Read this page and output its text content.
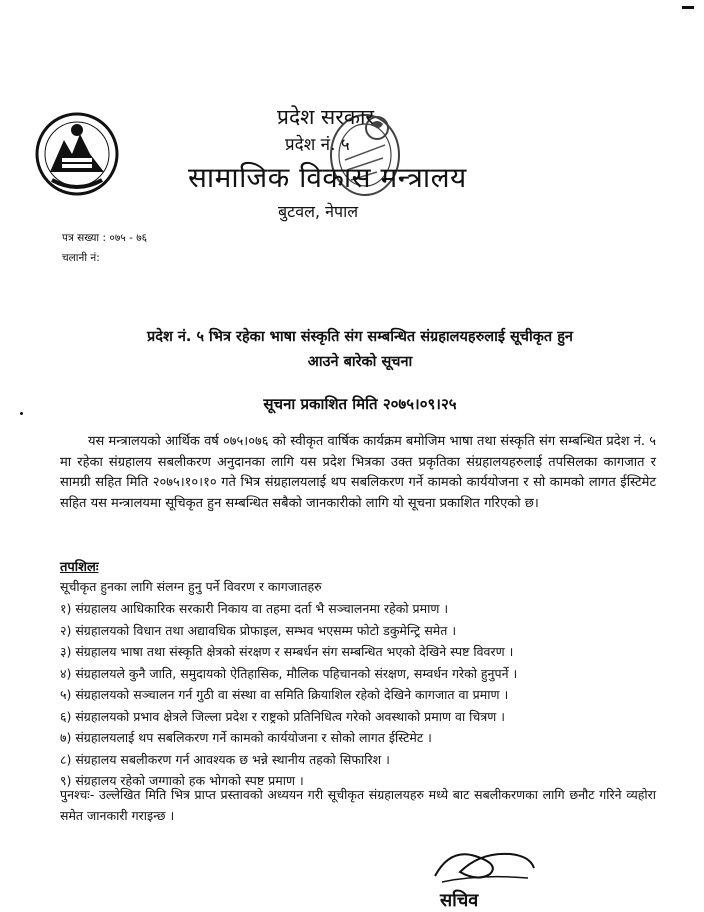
प्रदेश सरकार
प्रदेश नं. ५
सामाजिक विकास मन्त्रालय
बुटवल, नेपाल
पत्र सख्या : ०७५ - ७६
चलानी नं:
प्रदेश नं. ५ भित्र रहेका भाषा संस्कृति संग सम्बन्धित संग्रहालयहरुलाई सूचीकृत हुन
आउने बारेको सूचना
सूचना प्रकाशित मिति २०७५।०९।२५

यस मन्त्रालयको आर्थिक वर्ष ०७५।०७६ को स्वीकृत वार्षिक कार्यक्रम बमोजिम भाषा तथा संस्कृति संग सम्बन्धित प्रदेश नं. ५ मा रहेका संग्रहालय सबलीकरण अनुदानका लागि यस प्रदेश भित्रका उक्त प्रकृतिका संग्रहालयहरुलाई तपसिलका कागजात र सामग्री सहित मिति २०७५।१०।१० गते भित्र संग्रहालयलाई थप सबलिकरण गर्ने कामको कार्ययोजना र सो कामको लागत ईस्टिमेट सहित यस मन्त्रालयमा सूचिकृत हुन सम्बन्धित सबैको जानकारीको लागि यो सूचना प्रकाशित गरिएको छ।

तपशिलः
सूचीकृत हुनका लागि संलग्न हुनु पर्ने विवरण र कागजातहरु
१) संग्रहालय आधिकारिक सरकारी निकाय वा तहमा दर्ता भै सञ्चालनमा रहेको प्रमाण ।
२) संग्रहालयको विधान तथा अद्यावधिक प्रोफाइल, सम्भव भएसम्म फोटो डकुमेन्ट्रि समेत ।
३) संग्रहालय भाषा तथा संस्कृति क्षेत्रको संरक्षण र सम्बर्धन संग सम्बन्धित भएको देखिने स्पष्ट विवरण ।
४) संग्रहालयले कुनै जाति, समुदायको ऐतिहासिक, मौलिक पहिचानको संरक्षण, सम्वर्धन गरेको हुनुपर्ने ।
५) संग्रहालयको सञ्चालन गर्न गुठी वा संस्था वा समिति क्रियाशिल रहेको देखिने कागजात वा प्रमाण ।
६) संग्रहालयको प्रभाव क्षेत्रले जिल्ला प्रदेश र राष्ट्रको प्रतिनिधित्व गरेको अवस्थाको प्रमाण वा चित्रण ।
७) संग्रहालयलाई थप सबलिकरण गर्ने कामको कार्ययोजना र सोको लागत ईस्टिमेट ।
८) संग्रहालय सबलीकरण गर्न आवश्यक छ भन्ने स्थानीय तहको सिफारिश ।
९) संग्रहालय रहेको जग्गाको हक भोगको स्पष्ट प्रमाण ।

पुनश्चः- उल्लेखित मिति भित्र प्राप्त प्रस्तावको अध्ययन गरी सूचीकृत संग्रहालयहरु मध्ये बाट सबलीकरणका लागि छनौट गरिने व्यहोरा समेत जानकारी गराइन्छ ।

सचिव
